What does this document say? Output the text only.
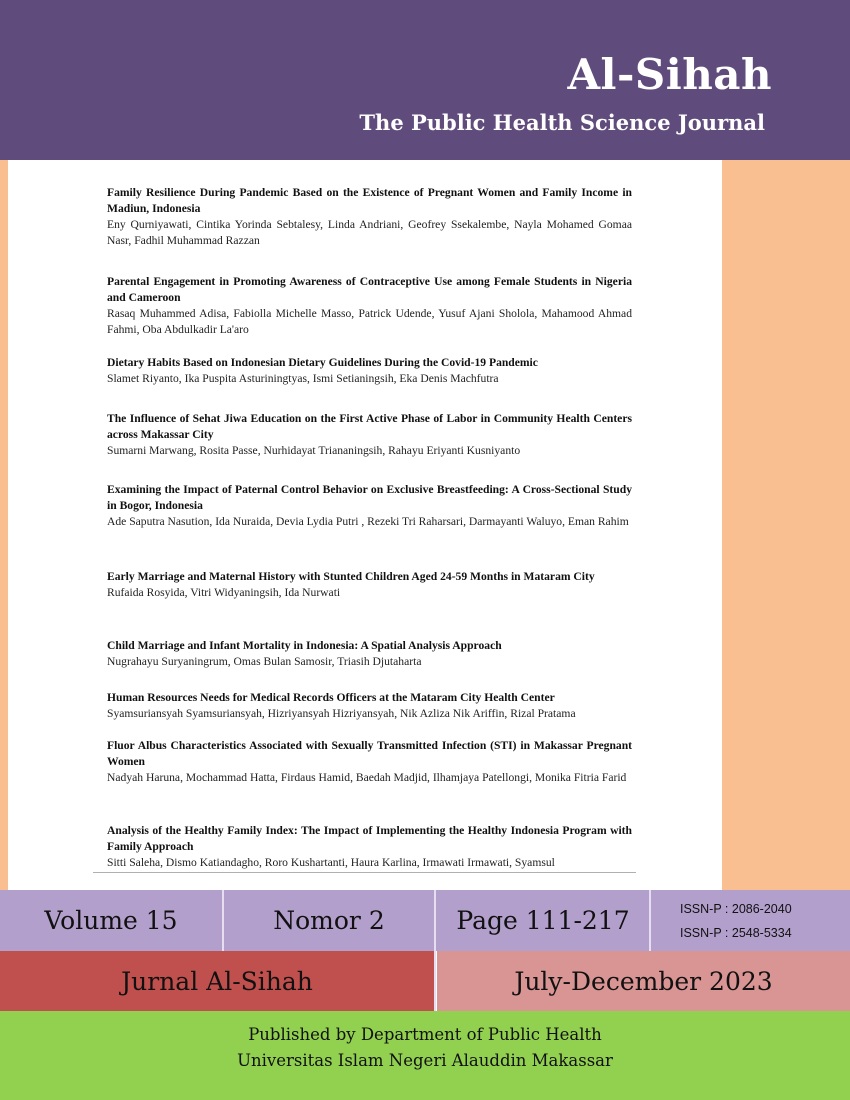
Al-Sihah
The Public Health Science Journal
Family Resilience During Pandemic Based on the Existence of Pregnant Women and Family Income in Madiun, Indonesia
Eny Qurniyawati, Cintika Yorinda Sebtalesy, Linda Andriani, Geofrey Ssekalembe, Nayla Mohamed Gomaa Nasr, Fadhil Muhammad Razzan
Parental Engagement in Promoting Awareness of Contraceptive Use among Female Students in Nigeria and Cameroon
Rasaq Muhammed Adisa, Fabiolla Michelle Masso, Patrick Udende, Yusuf Ajani Sholola, Mahamood Ahmad Fahmi, Oba Abdulkadir La'aro
Dietary Habits Based on Indonesian Dietary Guidelines During the Covid-19 Pandemic
Slamet Riyanto, Ika Puspita Asturiningtyas, Ismi Setianingsih, Eka Denis Machfutra
The Influence of Sehat Jiwa Education on the First Active Phase of Labor in Community Health Centers across Makassar City
Sumarni Marwang, Rosita Passe, Nurhidayat Triananingsih, Rahayu Eriyanti Kusniyanto
Examining the Impact of Paternal Control Behavior on Exclusive Breastfeeding: A Cross-Sectional Study in Bogor, Indonesia
Ade Saputra Nasution, Ida Nuraida, Devia Lydia Putri , Rezeki Tri Raharsari, Darmayanti Waluyo, Eman Rahim
Early Marriage and Maternal History with Stunted Children Aged 24-59 Months in Mataram City
Rufaida Rosyida, Vitri Widyaningsih, Ida Nurwati
Child Marriage and Infant Mortality in Indonesia: A Spatial Analysis Approach
Nugrahayu Suryaningrum, Omas Bulan Samosir, Triasih Djutaharta
Human Resources Needs for Medical Records Officers at the Mataram City Health Center
Syamsuriansyah Syamsuriansyah, Hizriyansyah Hizriyansyah, Nik Azliza Nik Ariffin, Rizal Pratama
Fluor Albus Characteristics Associated with Sexually Transmitted Infection (STI) in Makassar Pregnant Women
Nadyah Haruna, Mochammad Hatta, Firdaus Hamid, Baedah Madjid, Ilhamjaya Patellongi, Monika Fitria Farid
Analysis of the Healthy Family Index: The Impact of Implementing the Healthy Indonesia Program with Family Approach
Sitti Saleha, Dismo Katiandagho, Roro Kushartanti, Haura Karlina, Irmawati Irmawati, Syamsul
Volume 15	Nomor 2	Page 111-217	ISSN-P : 2086-2040
ISSN-P : 2548-5334
Jurnal Al-Sihah	July-December 2023
Published by Department of Public Health
Universitas Islam Negeri Alauddin Makassar
